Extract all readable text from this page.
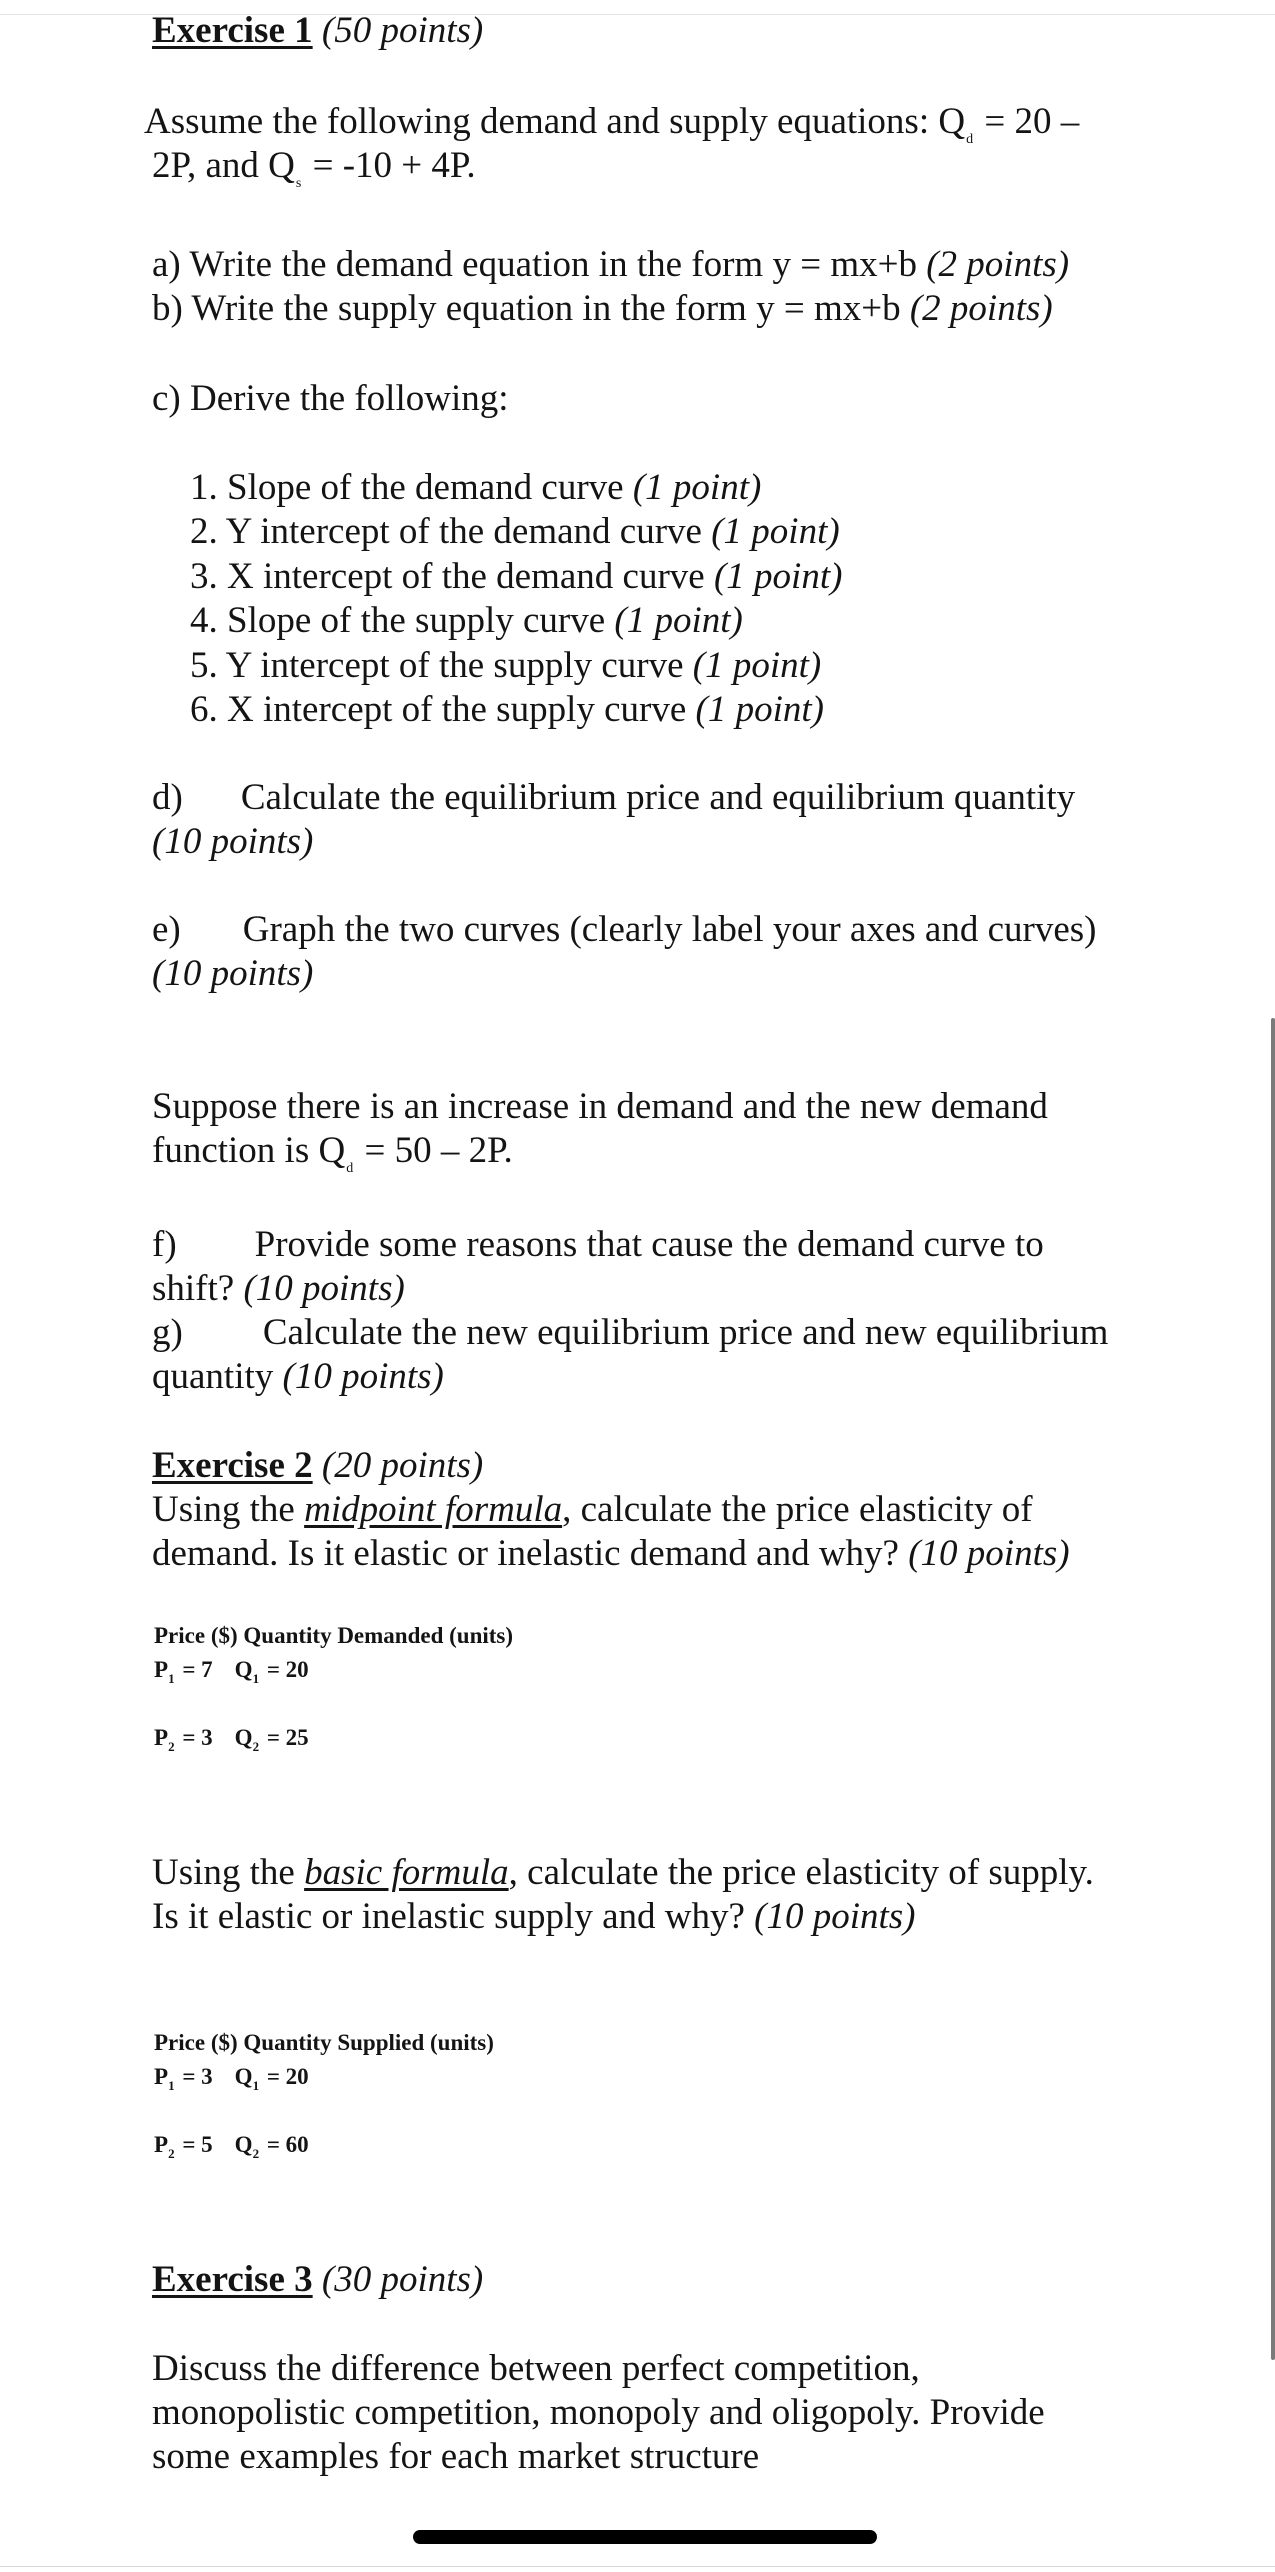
Exercise 1 (50 points)

Assume the following demand and supply equations: $Q_d = 20$ –

2P, and $Q_s = -10 + 4P$.

a) Write the demand equation in the form y = mx+b (2 points)

b) Write the supply equation in the form y = mx+b (2 points)

c) Derive the following:

1. Slope of the demand curve (1 point)

2. Y intercept of the demand curve (1 point)

3. X intercept of the demand curve (1 point)

4. Slope of the supply curve (1 point)

5. Y intercept of the supply curve (1 point)

6. X intercept of the supply curve (1 point)

d) Calculate the equilibrium price and equilibrium quantity

(10 points)

e) Graph the two curves (clearly label your axes and curves)

(10 points)

Suppose there is an increase in demand and the new demand

function is $Q_d = 50 - 2P$.

f) Provide some reasons that cause the demand curve to

shift? (10 points)

g) Calculate the new equilibrium price and new equilibrium

quantity (10 points)

Exercise 2 (20 points)

Using the midpoint formula, calculate the price elasticity of

demand. Is it elastic or inelastic demand and why? (10 points)

Price ($) Quantity Demanded (units)
$P_1 = 7$ $Q_1 = 20$
$P_2 = 3$ $Q_2 = 25$

Using the basic formula, calculate the price elasticity of supply.

Is it elastic or inelastic supply and why? (10 points)

Price ($) Quantity Supplied (units)
$P_1 = 3$ $Q_1 = 20$
$P_2 = 5$ $Q_2 = 60$

Exercise 3 (30 points)

Discuss the difference between perfect competition,

monopolistic competition, monopoly and oligopoly. Provide

some examples for each market structure
